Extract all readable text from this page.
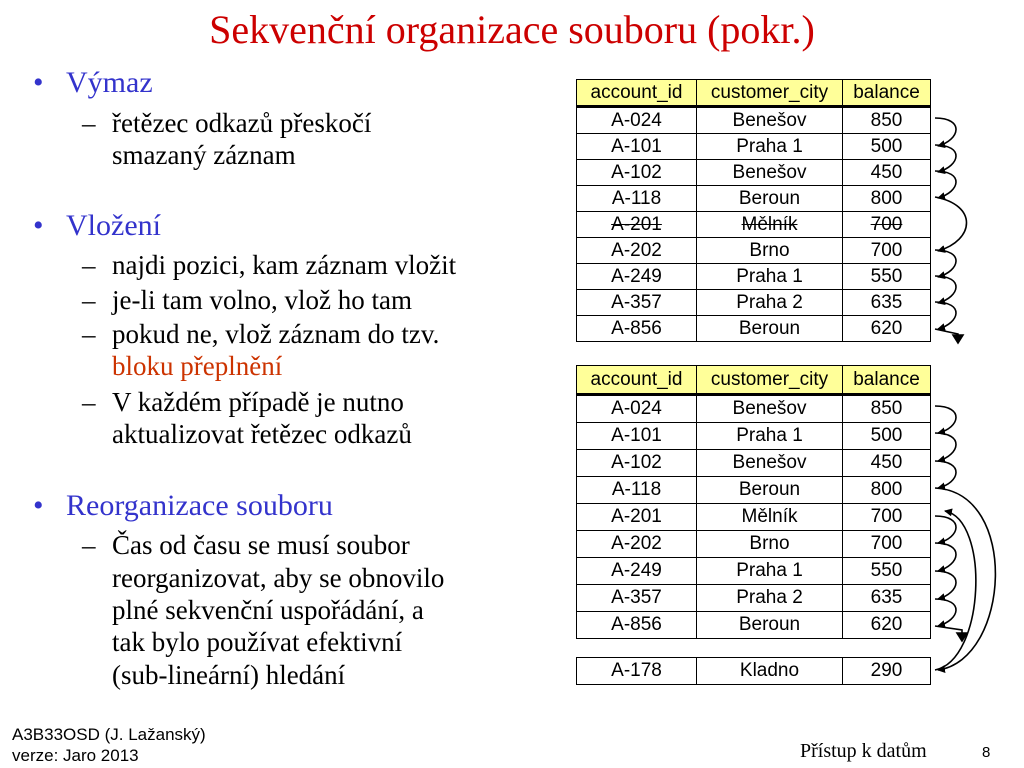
Sekvenční organizace souboru (pokr.)
• Výmaz
– řetězec odkazů přeskočí
smazaný záznam
• Vložení
– najdi pozici, kam záznam vložit
– je-li tam volno, vlož ho tam
– pokud ne, vlož záznam do tzv.
bloku přeplnění
– V každém případě je nutno
aktualizovat řetězec odkazů
• Reorganizace souboru
– Čas od času se musí soubor
reorganizovat, aby se obnovilo
plné sekvenční uspořádání, a
tak bylo používat efektivní
(sub-lineární) hledání
account_id	customer_city	balance
A-024	Benešov	850
A-101	Praha 1	500
A-102	Benešov	450
A-118	Beroun	800
A-201	Mělník	700
A-202	Brno	700
A-249	Praha 1	550
A-357	Praha 2	635
A-856	Beroun	620
account_id	customer_city	balance
A-024	Benešov	850
A-101	Praha 1	500
A-102	Benešov	450
A-118	Beroun	800
A-201	Mělník	700
A-202	Brno	700
A-249	Praha 1	550
A-357	Praha 2	635
A-856	Beroun	620
A-178	Kladno	290
A3B33OSD (J. Lažanský)
verze: Jaro 2013	Přístup k datům	8
